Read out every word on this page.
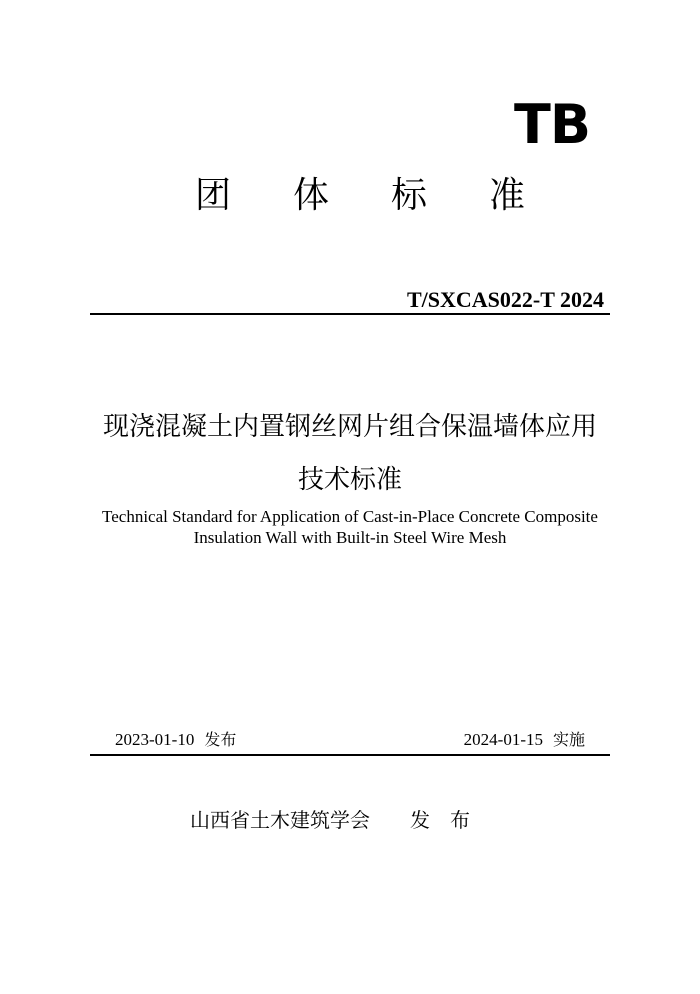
TB
团 体 标 准
T/SXCAS022-T 2024
现浇混凝土内置钢丝网片组合保温墙体应用
技术标准
Technical Standard for Application of Cast-in-Place Concrete Composite
Insulation Wall with Built-in Steel Wire Mesh
2023-01-10 发布	2024-01-15 实施
山西省土木建筑学会 发　布
